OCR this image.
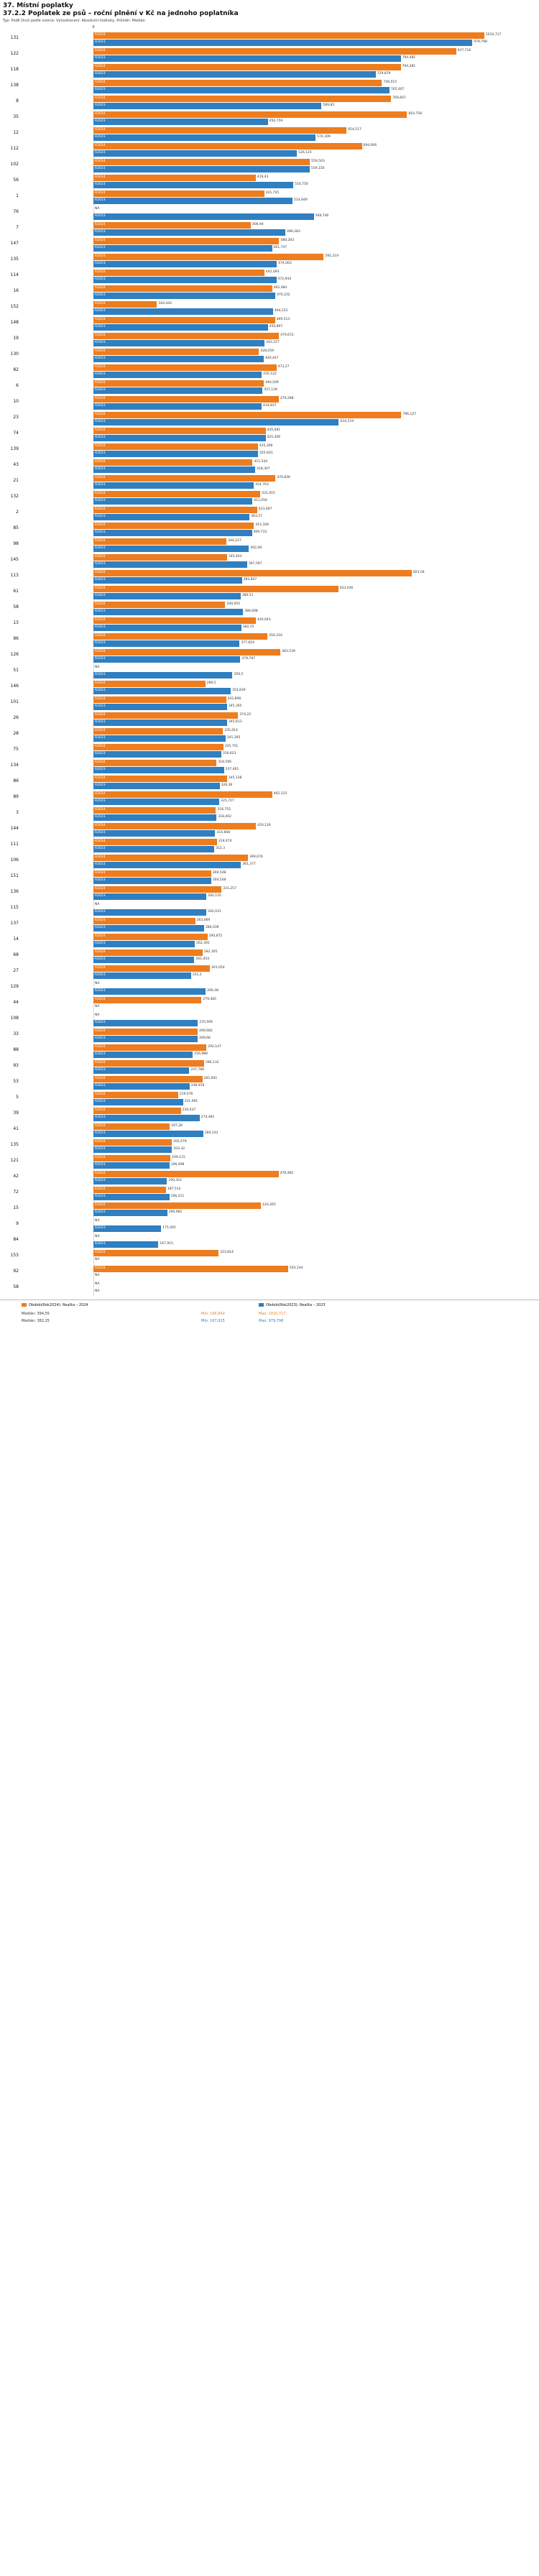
37. Místní poplatky
37.2.2 Poplatek ze psů – roční plnění v Kč na jednoho poplatníka
Typ: Podíl Druh podle vzorce: Vyhodnocení: Absolutní hodnoty, Průměr: Medián
0
131
R2024	1010,717
R2023	979,798
122
R2024	937,716
R2023	794,481
118
R2024	794,481
R2023	729,879
138
R2024	746,015
R2023	765,407
8
R2024	769,667
R2023	589,83
35
R2024	810,758
R2023	450,759
12
R2024	654,517
R2023	574,309
112
R2024	694,006
R2023	526,125
102
R2024	559,503
R2023	559,156
56
R2024	419,43
R2023	516,756
1
R2024	441,745
R2023	514,949
76
NA
R2023	569,746
7
R2024	406,94
R2023	496,283
147
R2024	480,283
R2023	461,747
135
R2024	595,219
R2023	474,063
114
R2024	442,093
R2023	472,944
16
R2024	462,084
R2023	470,222
152
R2024	164,442
R2023	464,252
148
R2024	469,513
R2023	450,897
19
R2024	479,672
R2023	442,527
130
R2024	428,059
R2023	440,447
82
R2024	473,27
R2023	435,122
6
R2024	440,509
R2023	437,139
10
R2024	479,288
R2023	434,837
23
R2024	796,127
R2023	634,519
74
R2024	445,081
R2023	425,306
139
R2024	425,306
R2023	425,641
43
R2024	411,544
R2023	418,307
21
R2024	470,836
R2023	414,763
132
R2024	431,655
R2023	411,056
2
R2024	423,487
R2023	403,57
85
R2024	415,169
R2023	409,733
98
R2024	344,227
R2023	402,08
145
R2024	345,403
R2023	397,397
113
R2024	823,04
R2023	383,847
61
R2024	633,036
R2023	380,51
58
R2024	340,955
R2023	386,698
13
R2024	420,043
R2023	382,25
96
R2024	450,216
R2023	377,824
126
R2024	483,539
R2023	379,787
51
NA
R2023	359,5
146
R2024	289,5
R2023	354,839
101
R2024	342,898
R2023	345,365
26
R2024	374,22
R2023	345,613
28
R2024	335,014
R2023	341,395
75
R2024	335,751
R2023	330,623
134
R2024	318,566
R2023	337,461
86
R2024	345,138
R2023	326,36
89
R2024	462,125
R2023	325,727
3
R2024	316,755
R2023	318,402
144
R2024	420,126
R2023	314,868
111
R2024	319,074
R2023	312,3
106
R2024	399,676
R2023	381,377
151
R2024	304,548
R2023	304,548
136
R2024	331,257
R2023	292,135
115
NA
R2023	292,031
137
R2024	263,069
R2023	286,039
14
R2024	294,872
R2023	262,305
68
R2024	282,305
R2023	261,054
27
R2024	301,054
R2023	252,2
129
NA
R2023	290,38
44
R2024	279,485
NA
108
NA
R2023	270,009
33
R2024	269,682
R2023	269,66
88
R2024	292,147
R2023	256,988
93
R2024	286,132
R2023	247,788
53
R2024	281,691
R2023	248,456
5
R2024	219,076
R2023	231,691
39
R2024	226,037
R2023	274,481
41
R2024	197,28
R2023	284,142
135
R2024	202,479
R2023	203,32
121
R2024	199,115
R2023	196,498
42
R2024	478,482
R2023	190,302
72
R2024	187,512
R2023	196,211
15
R2024	433,265
R2023	190,982
9
NA
R2023	175,005
84
NA
R2023	167,915
153
R2024	323,814
NA
92
R2024	503,144
NA
58
NA
NA
Obdobi(Rok2024): Realita – 2024	Obdobi(Rok2023): Realita – 2023
Medián: 394,55	Min: 166,842	Max: 1010,717
Medián: 382,25	Min: 167,915	Max: 979,798
